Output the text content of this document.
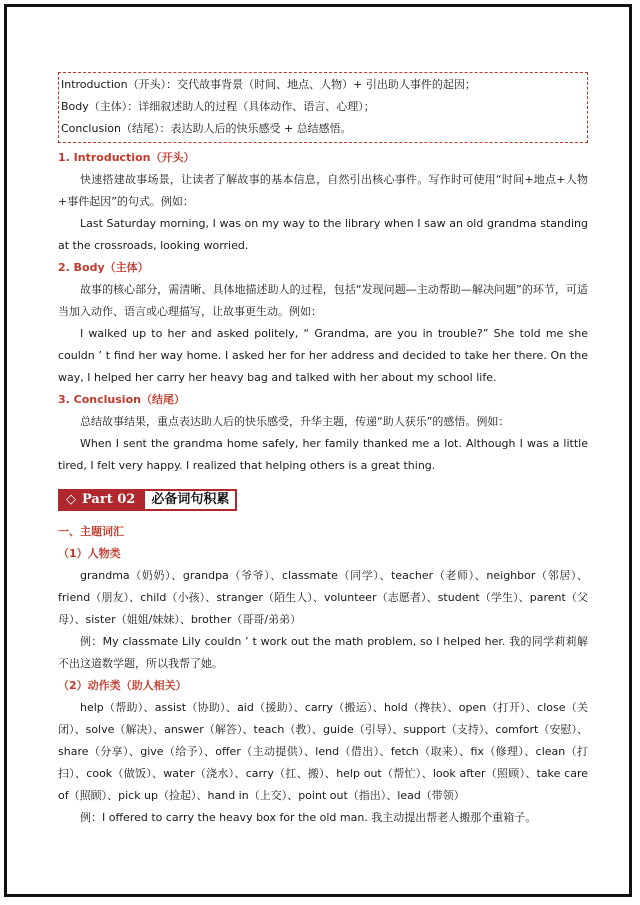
Introduction（开头）：交代故事背景（时间、地点、人物）+ 引出助人事件的起因；
Body（主体）：详细叙述助人的过程（具体动作、语言、心理）；
Conclusion（结尾）：表达助人后的快乐感受 + 总结感悟。
1. Introduction（开头）
快速搭建故事场景，让读者了解故事的基本信息，自然引出核心事件。写作时可使用“时间+地点+人物+事件起因”的句式。例如：
Last Saturday morning, I was on my way to the library when I saw an old grandma standing at the crossroads, looking worried.
2. Body（主体）
故事的核心部分，需清晰、具体地描述助人的过程，包括“发现问题—主动帮助—解决问题”的环节，可适当加入动作、语言或心理描写，让故事更生动。例如：
I walked up to her and asked politely, “ Grandma, are you in trouble?” She told me she couldn ’ t find her way home. I asked her for her address and decided to take her there. On the way, I helped her carry her heavy bag and talked with her about my school life.
3. Conclusion（结尾）
总结故事结果，重点表达助人后的快乐感受，升华主题，传递“助人获乐”的感悟。例如：
When I sent the grandma home safely, her family thanked me a lot. Although I was a little tired, I felt very happy. I realized that helping others is a great thing.
◇ Part 02	必备词句积累
一、主题词汇
（1）人物类
grandma（奶奶）、grandpa（爷爷）、classmate（同学）、teacher（老师）、neighbor（邻居）、friend（朋友）、child（小孩）、stranger（陌生人）、volunteer（志愿者）、student（学生）、parent（父母）、sister（姐姐/妹妹）、brother（哥哥/弟弟）
例：My classmate Lily couldn ’ t work out the math problem, so I helped her. 我的同学莉莉解不出这道数学题，所以我帮了她。
（2）动作类（助人相关）
help（帮助）、assist（协助）、aid（援助）、carry（搬运）、hold（搀扶）、open（打开）、close（关闭）、solve（解决）、answer（解答）、teach（教）、guide（引导）、support（支持）、comfort（安慰）、share（分享）、give（给予）、offer（主动提供）、lend（借出）、fetch（取来）、fix（修理）、clean（打扫）、cook（做饭）、water（浇水）、carry（扛、搬）、help out（帮忙）、look after（照顾）、take care of（照顾）、pick up（捡起）、hand in（上交）、point out（指出）、lead（带领）
例：I offered to carry the heavy box for the old man. 我主动提出帮老人搬那个重箱子。
